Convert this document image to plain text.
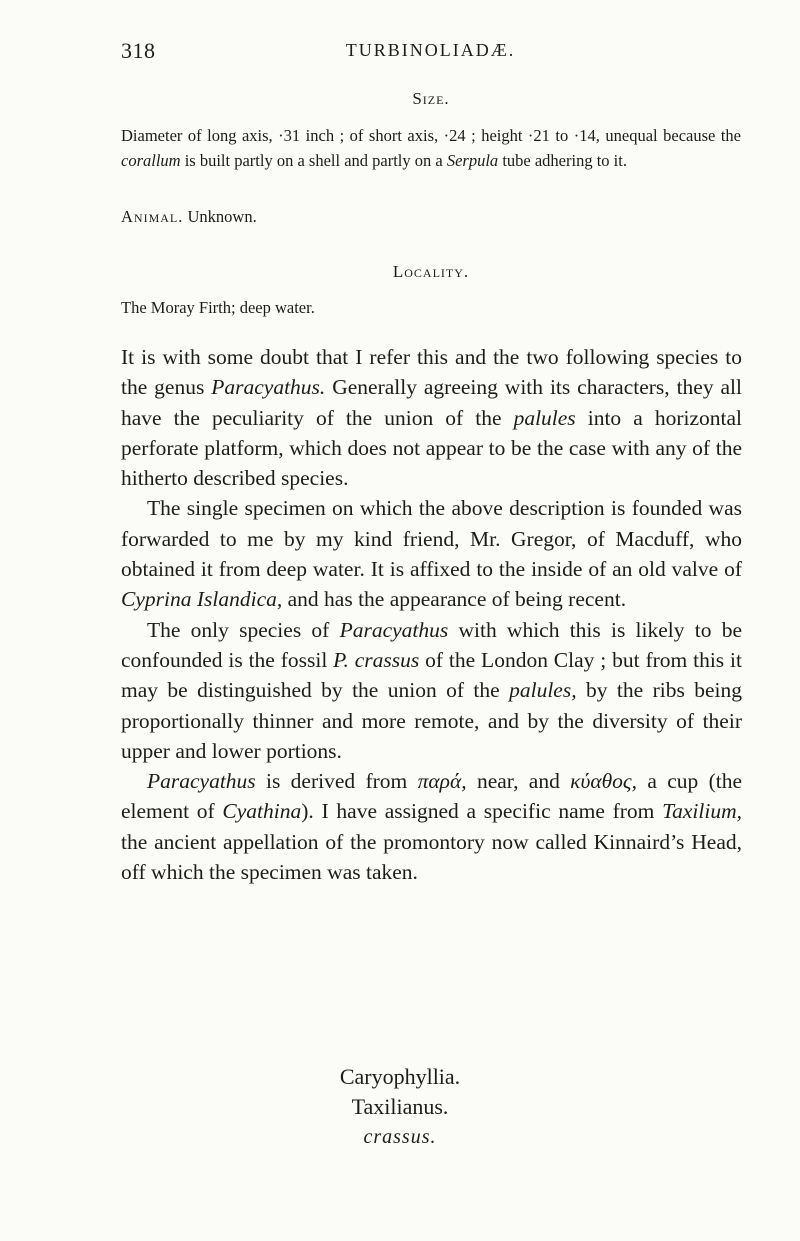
318	TURBINOLIADÆ.
Size.
Diameter of long axis, ·31 inch ; of short axis, ·24 ; height ·21 to ·14, unequal because the corallum is built partly on a shell and partly on a Serpula tube adhering to it.
Animal. Unknown.
Locality.
The Moray Firth; deep water.

It is with some doubt that I refer this and the two following species to the genus Paracyathus. Generally agreeing with its characters, they all have the peculiarity of the union of the palules into a horizontal perforate platform, which does not appear to be the case with any of the hitherto described species.

The single specimen on which the above description is founded was forwarded to me by my kind friend, Mr. Gregor, of Macduff, who obtained it from deep water. It is affixed to the inside of an old valve of Cyprina Islandica, and has the appearance of being recent.

The only species of Paracyathus with which this is likely to be confounded is the fossil P. crassus of the London Clay ; but from this it may be distinguished by the union of the palules, by the ribs being proportionally thinner and more remote, and by the diversity of their upper and lower portions.

Paracyathus is derived from παρά, near, and κύαθος, a cup (the element of Cyathina). I have assigned a specific name from Taxilium, the ancient appellation of the promontory now called Kinnaird’s Head, off which the specimen was taken.

Caryophyllia.
Taxilianus.
crassus.
